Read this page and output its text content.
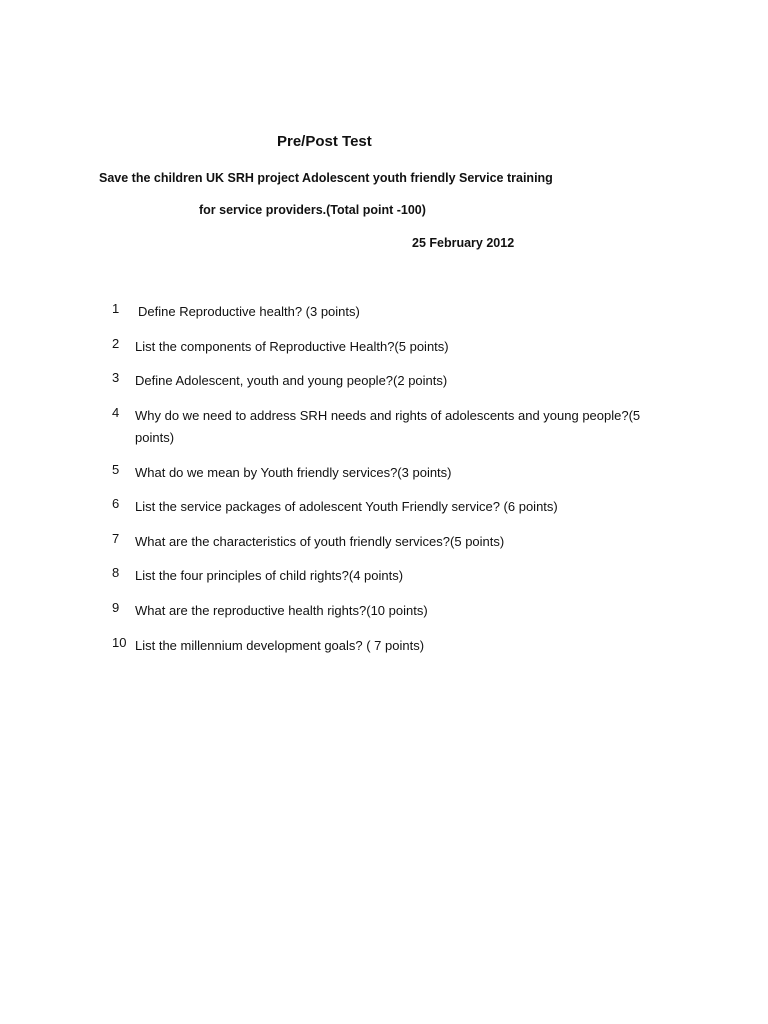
Pre/Post Test
Save the children UK SRH project Adolescent youth friendly Service training
for service providers.(Total point -100)
25 February 2012
1 Define Reproductive health? (3 points)
2 List the components of Reproductive Health?(5 points)
3 Define Adolescent, youth and young people?(2 points)
4 Why do we need to address SRH needs and rights of adolescents and young people?(5 points)
5 What do we mean by Youth friendly services?(3 points)
6 List the service packages of adolescent Youth Friendly service? (6 points)
7 What are the characteristics of youth friendly services?(5 points)
8 List the four principles of child rights?(4 points)
9 What are the reproductive health rights?(10 points)
10 List the millennium development goals? ( 7 points)
